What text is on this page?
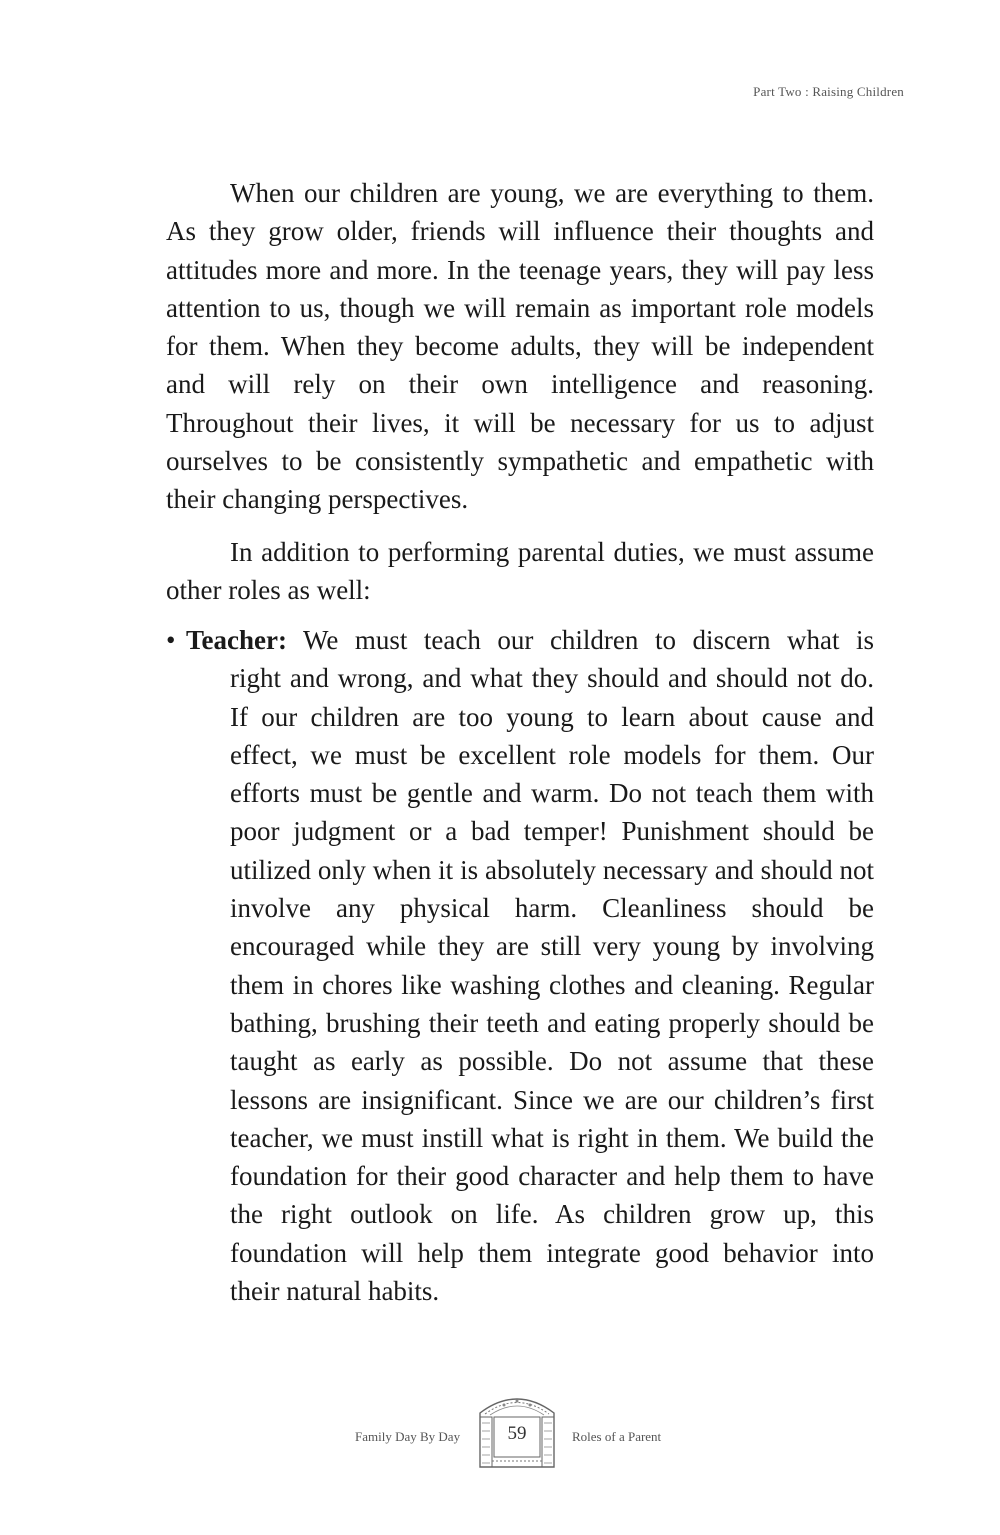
Part Two : Raising Children

When our children are young, we are everything to them. As they grow older, friends will influence their thoughts and attitudes more and more. In the teenage years, they will pay less attention to us, though we will remain as important role models for them. When they become adults, they will be independent and will rely on their own intelligence and reasoning. Throughout their lives, it will be necessary for us to adjust ourselves to be consistently sympathetic and empathetic with their changing perspectives.

In addition to performing parental duties, we must assume other roles as well:

• Teacher: We must teach our children to discern what is
right and wrong, and what they should and should not do. If our children are too young to learn about cause and effect, we must be excellent role models for them. Our efforts must be gentle and warm. Do not teach them with poor judgment or a bad temper! Punishment should be utilized only when it is absolutely necessary and should not involve any physical harm. Cleanliness should be encouraged while they are still very young by involving them in chores like washing clothes and cleaning. Regular bathing, brushing their teeth and eating properly should be taught as early as possible. Do not assume that these lessons are insignificant. Since we are our children’s first teacher, we must instill what is right in them. We build the foundation for their good character and help them to have the right outlook on life. As children grow up, this foundation will help them integrate good behavior into their natural habits.
Family Day By Day	59	Roles of a Parent
